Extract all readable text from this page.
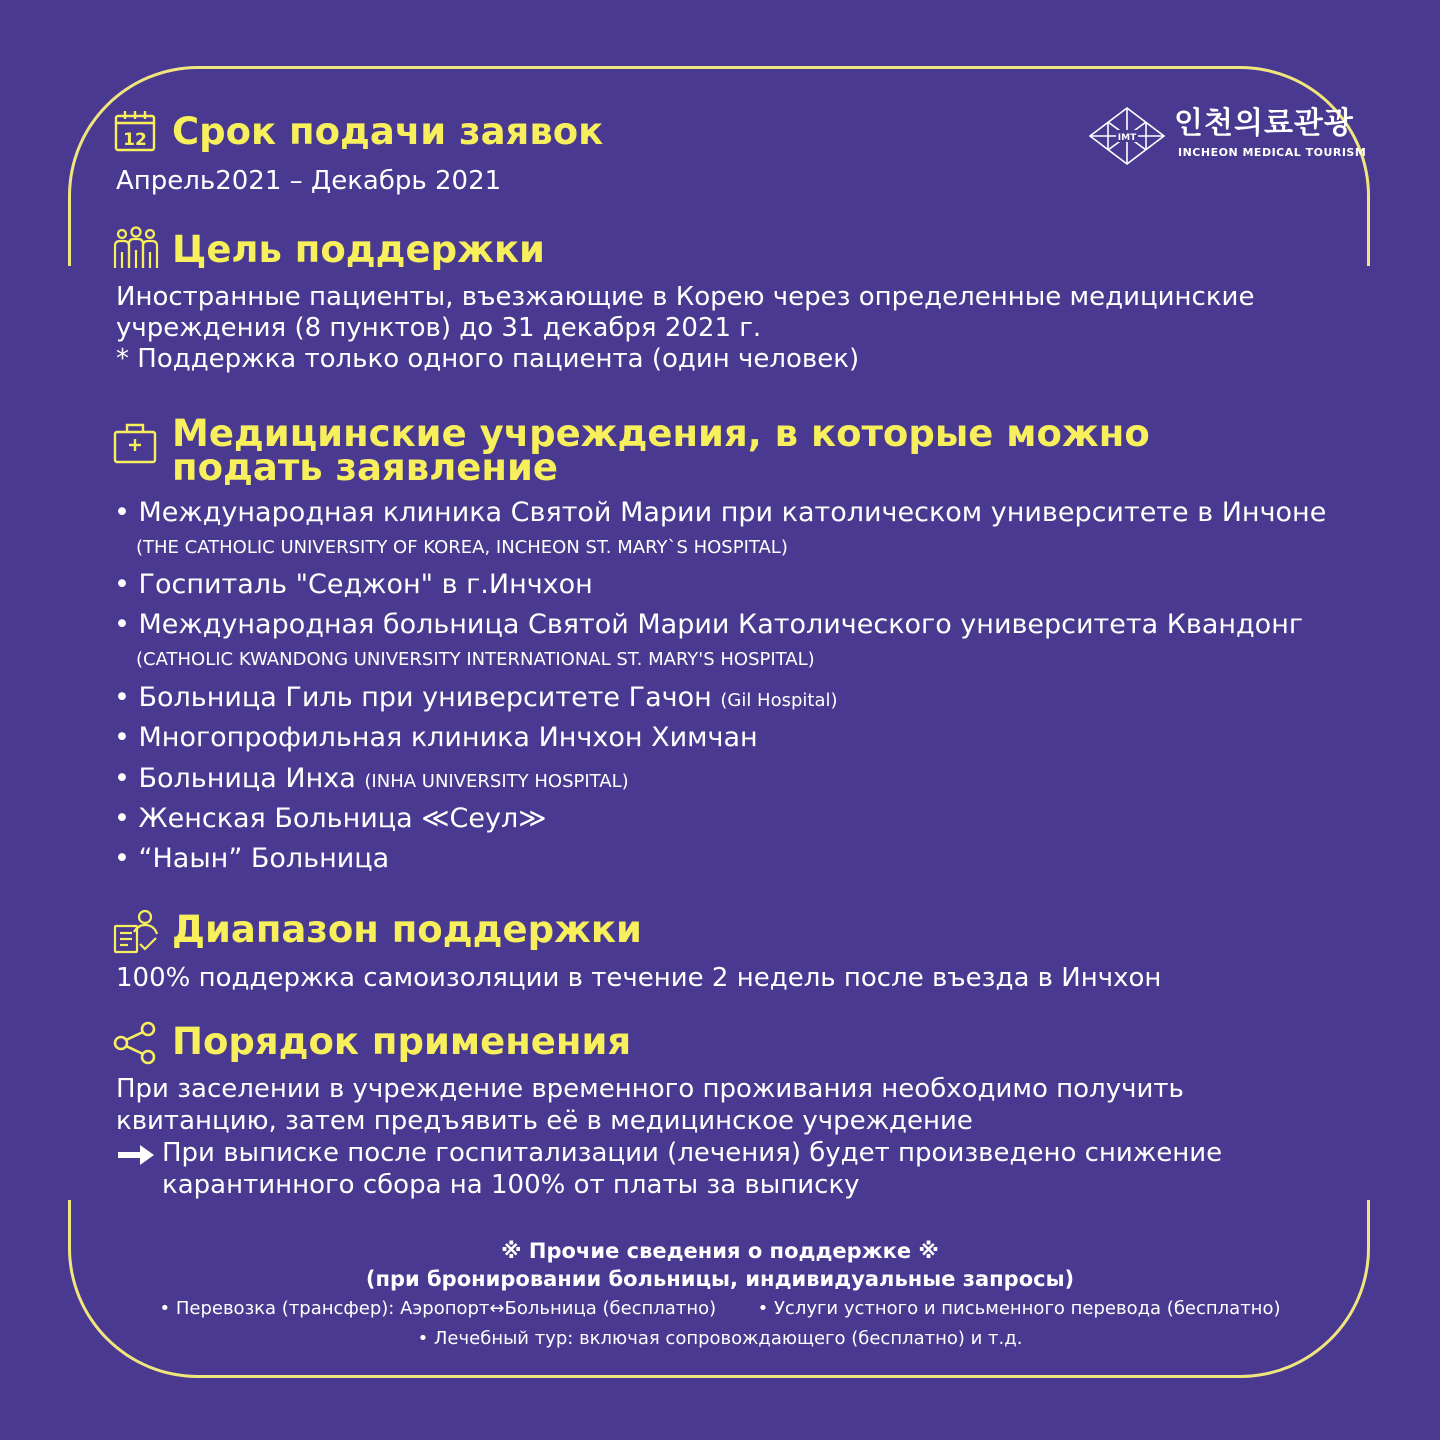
IMT 인천의료관광
INCHEON MEDICAL TOURISM
12 Срок подачи заявок
Апрель2021 – Декабрь 2021
Цель поддержки
Иностранные пациенты, въезжающие в Корею через определенные медицинские
учреждения (8 пунктов) до 31 декабря 2021 г.
* Поддержка только одного пациента (один человек)
Медицинские учреждения, в которые можно
подать заявление
• Международная клиника Святой Марии при католическом университете в Инчоне
(THE CATHOLIC UNIVERSITY OF KOREA, INCHEON ST. MARY`S HOSPITAL)
• Госпиталь "Седжон" в г.Инчхон
• Международная больница Святой Марии Католического университета Квандонг
(CATHOLIC KWANDONG UNIVERSITY INTERNATIONAL ST. MARY'S HOSPITAL)
• Больница Гиль при университете Гачон (Gil Hospital)
• Многопрофильная клиника Инчхон Химчан
• Больница Инха (INHA UNIVERSITY HOSPITAL)
• Женская Больница ≪Сеул≫
• “Наын” Больница
Диапазон поддержки
100% поддержка самоизоляции в течение 2 недель после въезда в Инчхон
Порядок применения
При заселении в учреждение временного проживания необходимо получить
квитанцию, затем предъявить её в медицинское учреждение
При выписке после госпитализации (лечения) будет произведено снижение
карантинного сбора на 100% от платы за выписку
※ Прочие сведения о поддержке ※
(при бронировании больницы, индивидуальные запросы)
• Перевозка (трансфер): Аэропорт↔Больница (бесплатно) • Услуги устного и письменного перевода (бесплатно)
• Лечебный тур: включая сопровождающего (бесплатно) и т.д.
